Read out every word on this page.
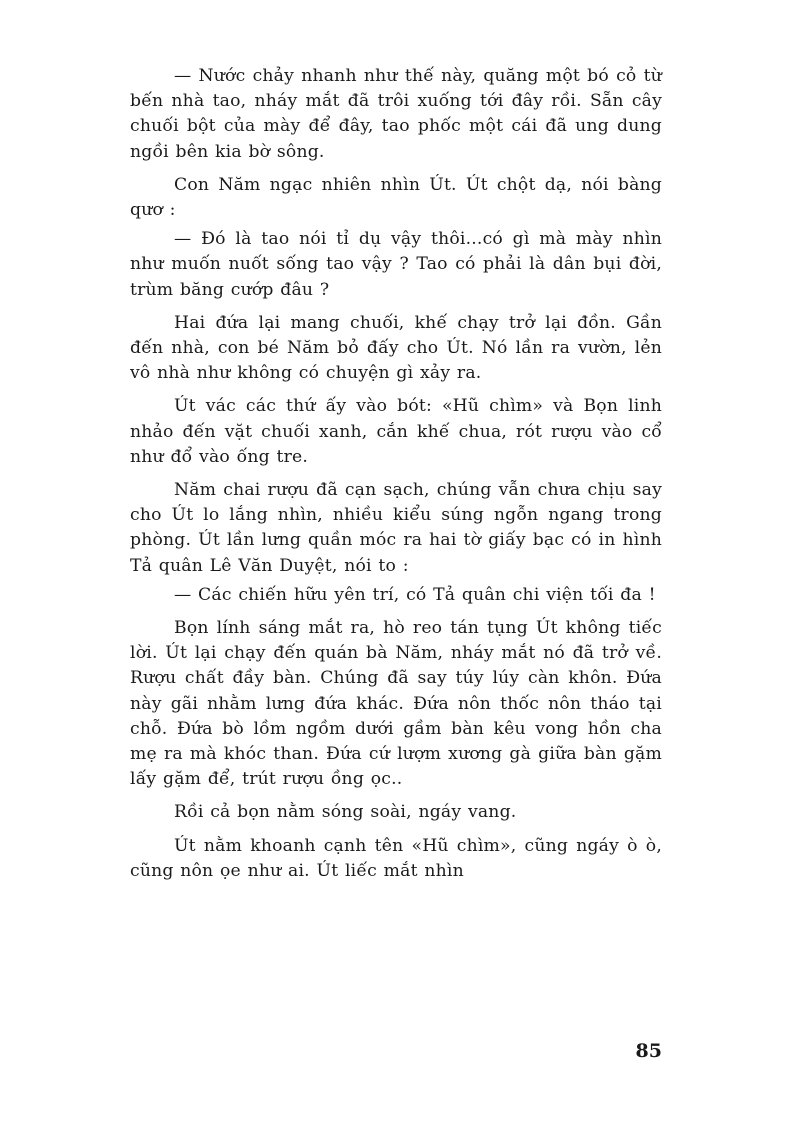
— Nước chảy nhanh như thế này, quăng một bó cỏ từ bến nhà tao, nháy mắt đã trôi xuống tới đây rồi. Sẵn cây chuối bột của mày để đây, tao phốc một cái đã ung dung ngồi bên kia bờ sông.

Con Năm ngạc nhiên nhìn Út. Út chột dạ, nói bàng qươ :

— Đó là tao nói tỉ dụ vậy thôi...có gì mà mày nhìn như muốn nuốt sống tao vậy ? Tao có phải là dân bụi đời, trùm băng cướp đâu ?

Hai đứa lại mang chuối, khế chạy trở lại đồn. Gần đến nhà, con bé Năm bỏ đấy cho Út. Nó lần ra vườn, lẻn vô nhà như không có chuyện gì xảy ra.

Út vác các thứ ấy vào bót: «Hũ chìm» và Bọn linh nhảo đến vặt chuối xanh, cắn khế chua, rót rượu vào cổ như đổ vào ống tre.

Năm chai rượu đã cạn sạch, chúng vẫn chưa chịu say cho Út lo lắng nhìn, nhiều kiểu súng ngỗn ngang trong phòng. Út lần lưng quần móc ra hai tờ giấy bạc có in hình Tả quân Lê Văn Duyệt, nói to :

— Các chiến hữu yên trí, có Tả quân chi viện tối đa !

Bọn lính sáng mắt ra, hò reo tán tụng Út không tiếc lời. Út lại chạy đến quán bà Năm, nháy mắt nó đã trở về. Rượu chất đầy bàn. Chúng đã say túy lúy càn khôn. Đứa này gãi nhằm lưng đứa khác. Đứa nôn thốc nôn tháo tại chỗ. Đứa bò lồm ngồm dưới gầm bàn kêu vong hồn cha mẹ ra mà khóc than. Đứa cứ lượm xương gà giữa bàn gặm lấy gặm để, trút rượu ồng ọc..

Rồi cả bọn nằm sóng soài, ngáy vang.

Út nằm khoanh cạnh tên «Hũ chìm», cũng ngáy ò ò, cũng nôn ọe như ai. Út liếc mắt nhìn

85
